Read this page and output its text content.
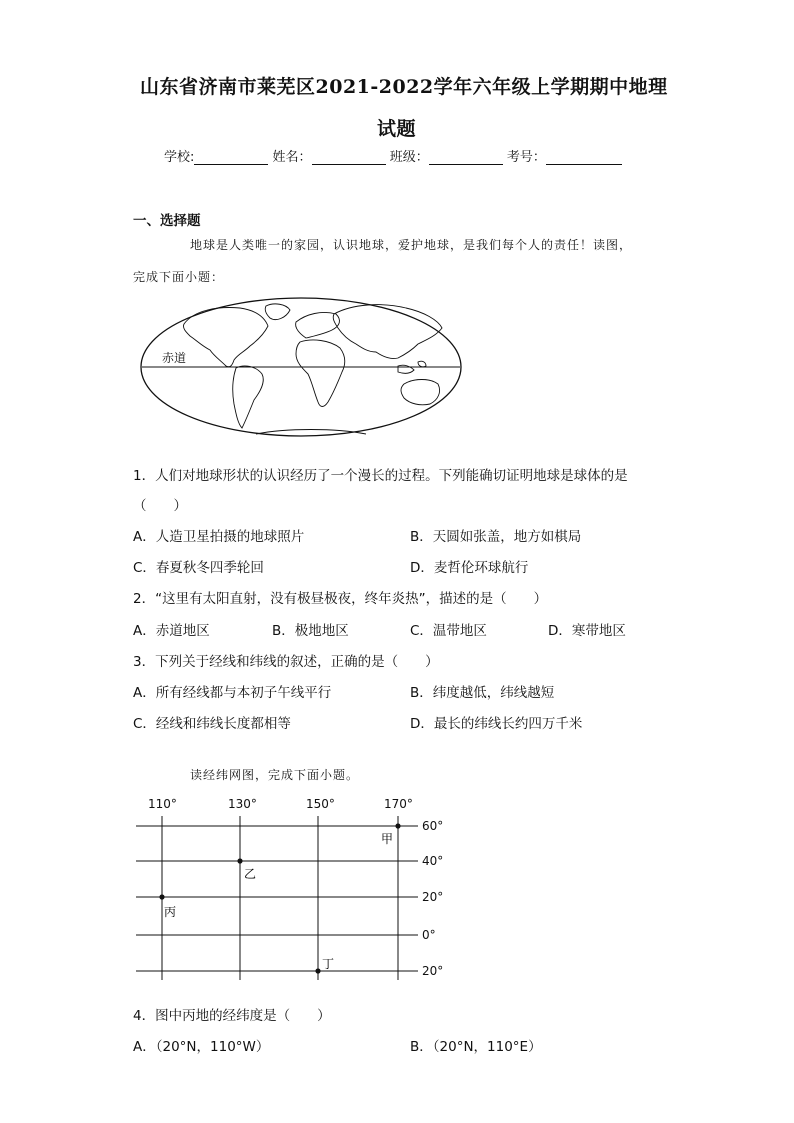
山东省济南市莱芜区2021-2022学年六年级上学期期中地理
试题
学校:	姓名：	班级：	考号：
一、选择题
地球是人类唯一的家园，认识地球，爱护地球，是我们每个人的责任！读图，
完成下面小题：
赤道
1．人们对地球形状的认识经历了一个漫长的过程。下列能确切证明地球是球体的是
（　　）
A．人造卫星拍摄的地球照片	B．天圆如张盖，地方如棋局
C．春夏秋冬四季轮回	D．麦哲伦环球航行
2．“这里有太阳直射，没有极昼极夜，终年炎热”，描述的是（　　）
A．赤道地区	B．极地地区	C．温带地区	D．寒带地区
3．下列关于经线和纬线的叙述，正确的是（　　）
A．所有经线都与本初子午线平行	B．纬度越低，纬线越短
C．经线和纬线长度都相等	D．最长的纬线长约四万千米
读经纬网图，完成下面小题。
110°	130°	150°	170°
60°
40°
20°
0°
20°
甲
乙
丙
丁
4．图中丙地的经纬度是（　　）
A．（20°N，110°W）	B．（20°N，110°E）
